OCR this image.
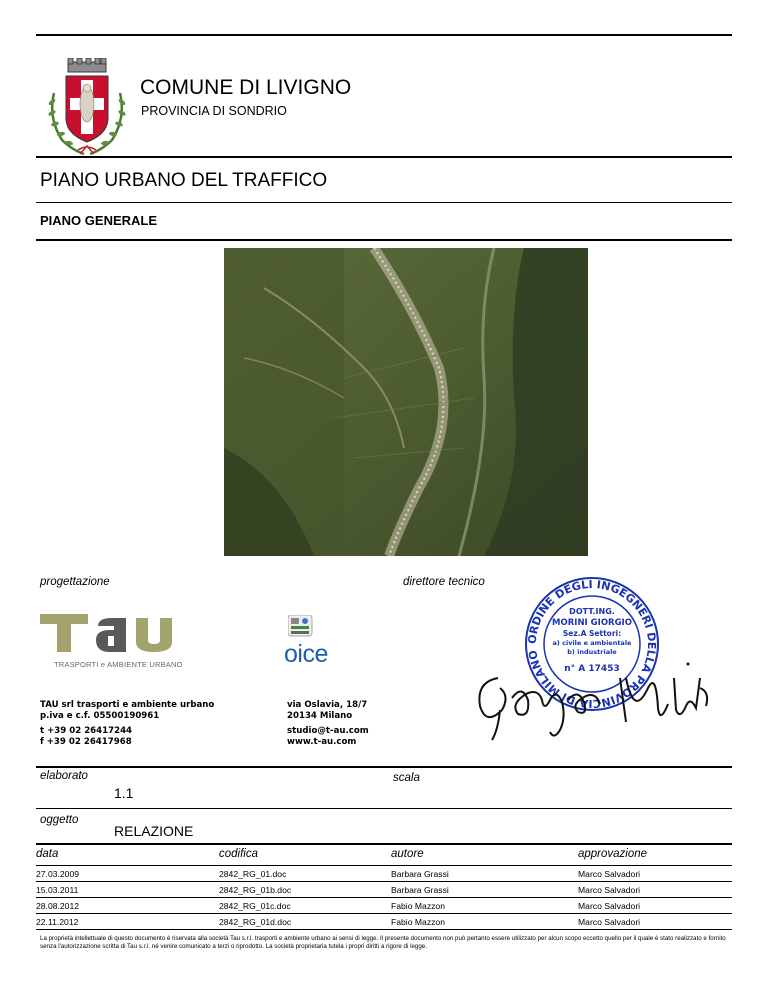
COMUNE DI LIVIGNO
PROVINCIA DI SONDRIO
PIANO URBANO DEL TRAFFICO
PIANO GENERALE
progettazione	direttore tecnico
TRASPORTI e AMBIENTE URBANO	oice
TAU srl trasporti e ambiente urbano
p.iva e c.f. 05500190961
t +39 02 26417244
f +39 02 26417968
via Oslavia, 18/7
20134 Milano
studio@t-au.com
www.t-au.com
ORDINE DEGLI INGEGNERI DELLA PROVINCIA DI MILANO
DOTT.ING.
MORINI GIORGIO
Sez.A Settori:
a) civile e ambientale
b) industriale
n° A 17453
elaborato
1.1
scala
oggetto
RELAZIONE
data	codifica	autore	approvazione
27.03.2009	2842_RG_01.doc	Barbara Grassi	Marco Salvadori
15.03.2011	2842_RG_01b.doc	Barbara Grassi	Marco Salvadori
28.08.2012	2842_RG_01c.doc	Fabio Mazzon	Marco Salvadori
22.11.2012	2842_RG_01d.doc	Fabio Mazzon	Marco Salvadori
La proprietà intellettuale di questo documento è riservata alla società Tau s.r.l. trasporti e ambiente urbano ai sensi di legge. Il presente documento non può pertanto essere utilizzato per alcun scopo eccetto quello per il quale è stato realizzato e fornito senza l'autorizzazione scritta di Tau s.r.l. né venire comunicato a terzi o riprodotto. La società proprietaria tutela i propri diritti a rigore di legge.
